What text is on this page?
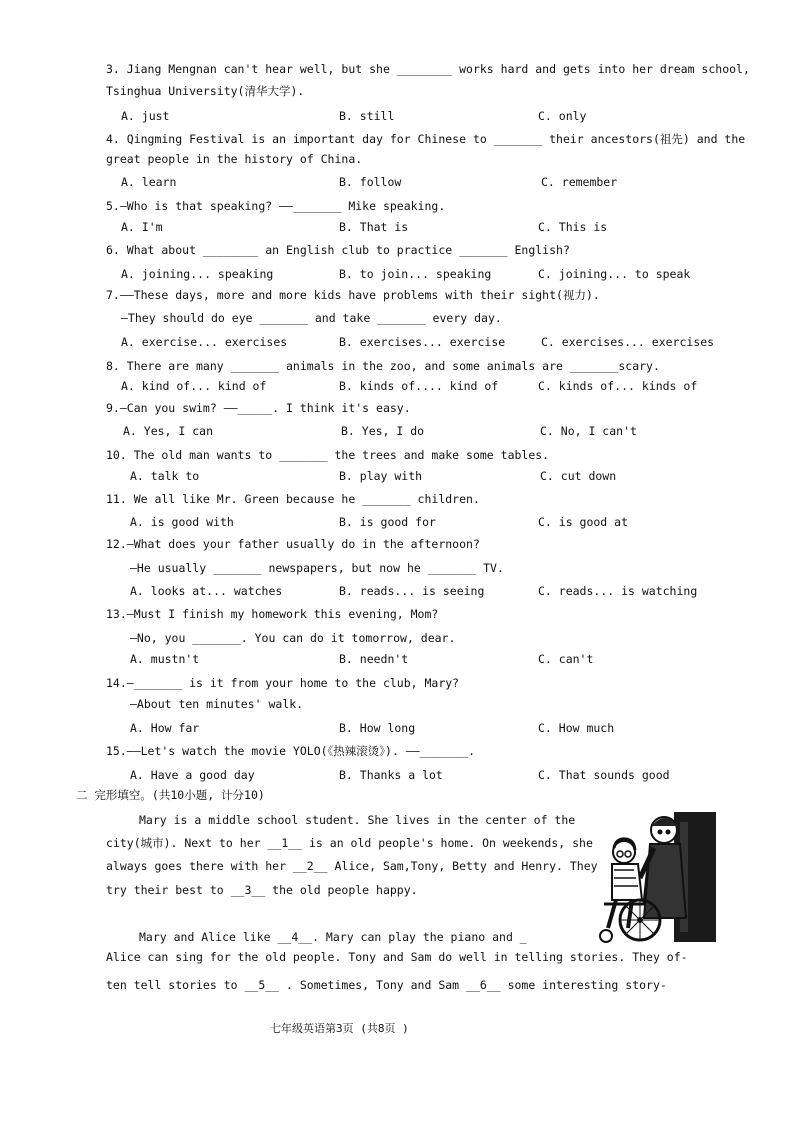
3. Jiang Mengnan can't hear well, but she ________ works hard and gets into her dream school,
Tsinghua University(清华大学).
A. just	B. still	C. only
4. Qingming Festival is an important day for Chinese to _______ their ancestors(祖先) and the
great people in the history of China.
A. learn	B. follow	C. remember
5.—Who is that speaking? ——_______ Mike speaking.
A. I'm	B. That is	C. This is
6. What about ________ an English club to practice _______ English?
A. joining... speaking	B. to join... speaking	C. joining... to speak
7.——These days, more and more kids have problems with their sight(视力).
—They should do eye _______ and take _______ every day.
A. exercise... exercises	B. exercises... exercise	C. exercises... exercises
8. There are many _______ animals in the zoo, and some animals are _______scary.
A. kind of... kind of	B. kinds of.... kind of	C. kinds of... kinds of
9.—Can you swim? ——_____. I think it's easy.
A. Yes, I can	B. Yes, I do	C. No, I can't
10. The old man wants to _______ the trees and make some tables.
A. talk to	B. play with	C. cut down
11. We all like Mr. Green because he _______ children.
A. is good with	B. is good for	C. is good at
12.—What does your father usually do in the afternoon?
—He usually _______ newspapers, but now he _______ TV.
A. looks at... watches	B. reads... is seeing	C. reads... is watching
13.—Must I finish my homework this evening, Mom?
—No, you _______. You can do it tomorrow, dear.
A. mustn't	B. needn't	C. can't
14.—_______ is it from your home to the club, Mary?
—About ten minutes' walk.
A. How far	B. How long	C. How much
15.——Let's watch the movie YOLO(《热辣滚烫》). ——_______.
A. Have a good day	B. Thanks a lot	C. That sounds good
二 完形填空。(共10小题, 计分10)
Mary is a middle school student. She lives in the center of the
city(城市). Next to her __1__ is an old people's home. On weekends, she
always goes there with her __2__ Alice, Sam,Tony, Betty and Henry. They
try their best to __3__ the old people happy.
Mary and Alice like __4__. Mary can play the piano and _
Alice can sing for the old people. Tony and Sam do well in telling stories. They of-
ten tell stories to __5__ . Sometimes, Tony and Sam __6__ some interesting story-
七年级英语第3页 (共8页 )
